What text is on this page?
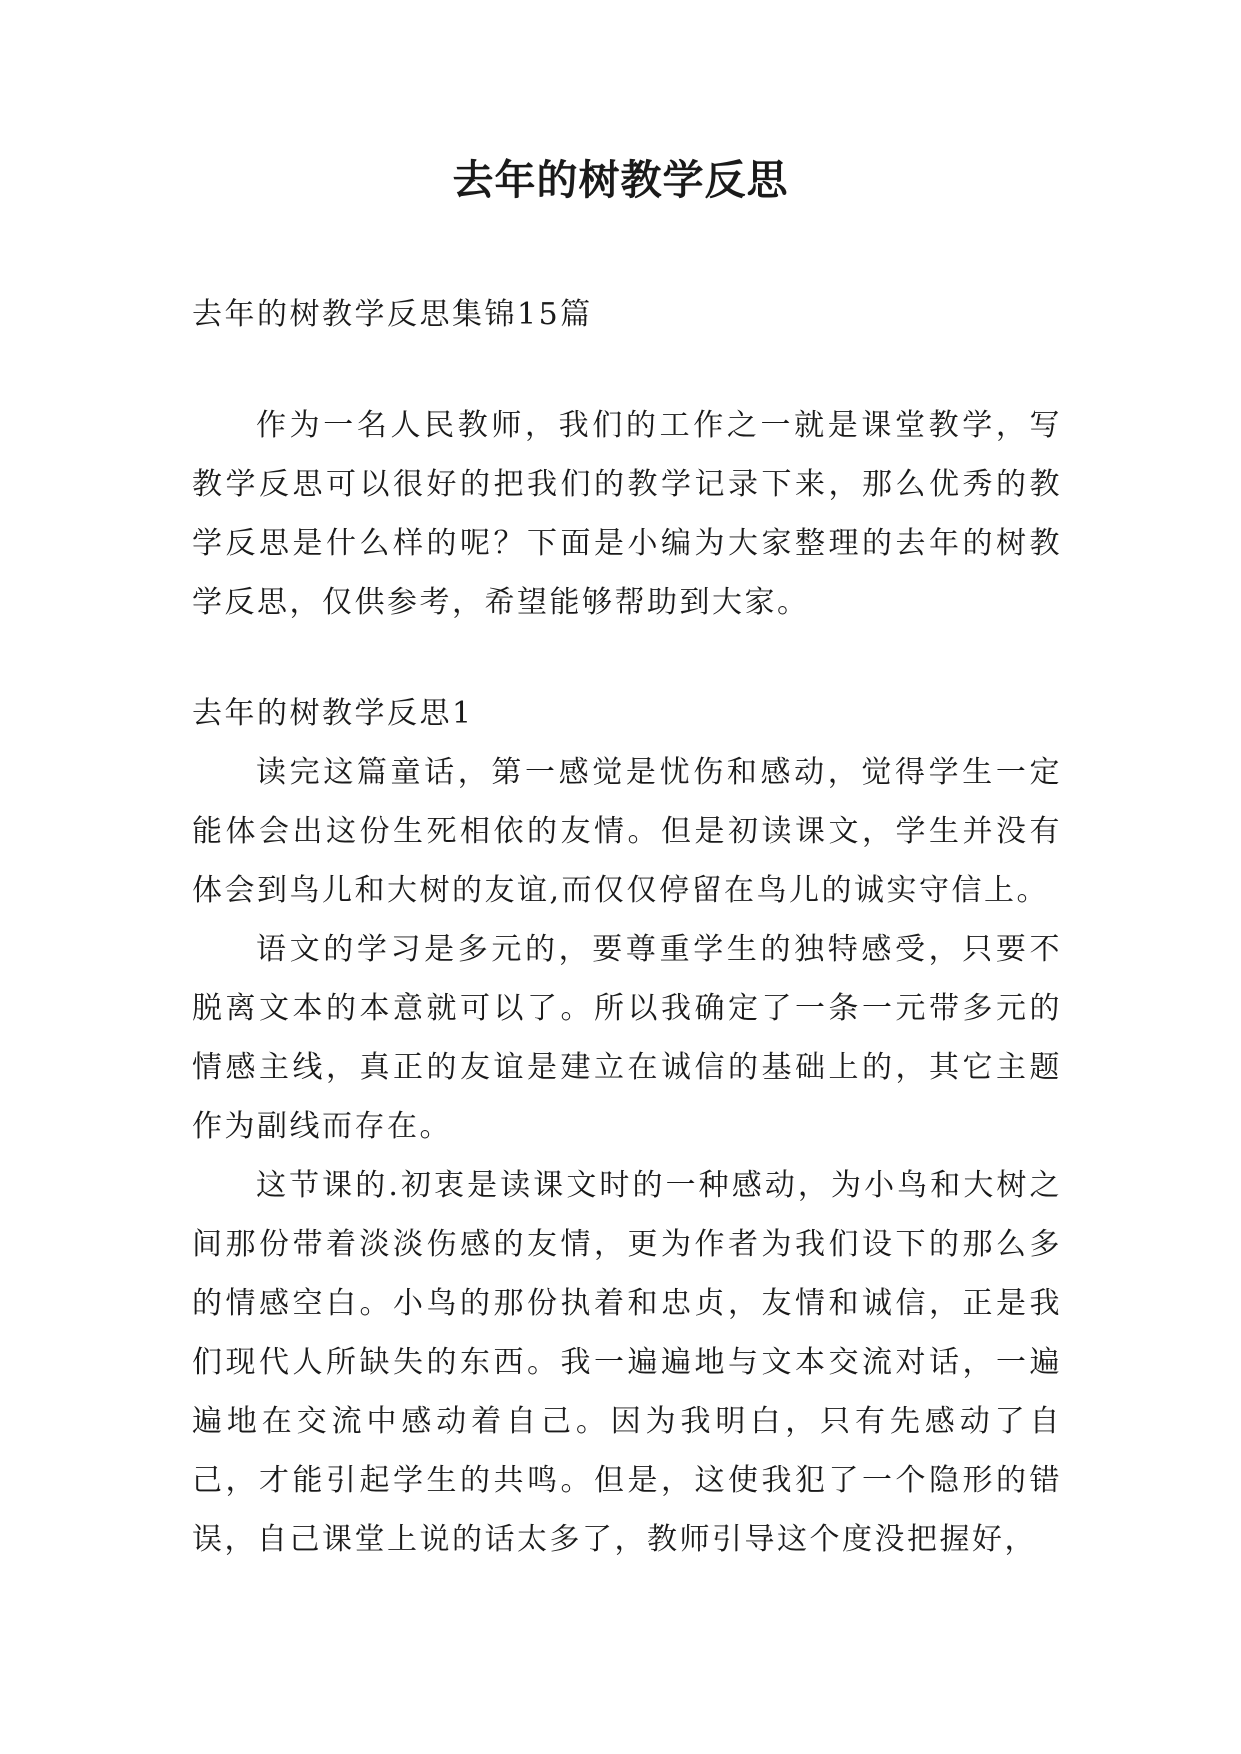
去年的树教学反思
去年的树教学反思集锦15篇

作为一名人民教师，我们的工作之一就是课堂教学，写教学反思可以很好的把我们的教学记录下来，那么优秀的教学反思是什么样的呢？下面是小编为大家整理的去年的树教学反思，仅供参考，希望能够帮助到大家。

去年的树教学反思1

读完这篇童话，第一感觉是忧伤和感动，觉得学生一定能体会出这份生死相依的友情。但是初读课文，学生并没有体会到鸟儿和大树的友谊,而仅仅停留在鸟儿的诚实守信上。

语文的学习是多元的，要尊重学生的独特感受，只要不脱离文本的本意就可以了。所以我确定了一条一元带多元的情感主线，真正的友谊是建立在诚信的基础上的，其它主题作为副线而存在。

这节课的.初衷是读课文时的一种感动，为小鸟和大树之间那份带着淡淡伤感的友情，更为作者为我们设下的那么多的情感空白。小鸟的那份执着和忠贞，友情和诚信，正是我们现代人所缺失的东西。我一遍遍地与文本交流对话，一遍遍地在交流中感动着自己。因为我明白，只有先感动了自己，才能引起学生的共鸣。但是，这使我犯了一个隐形的错误，自己课堂上说的话太多了，教师引导这个度没把握好，
